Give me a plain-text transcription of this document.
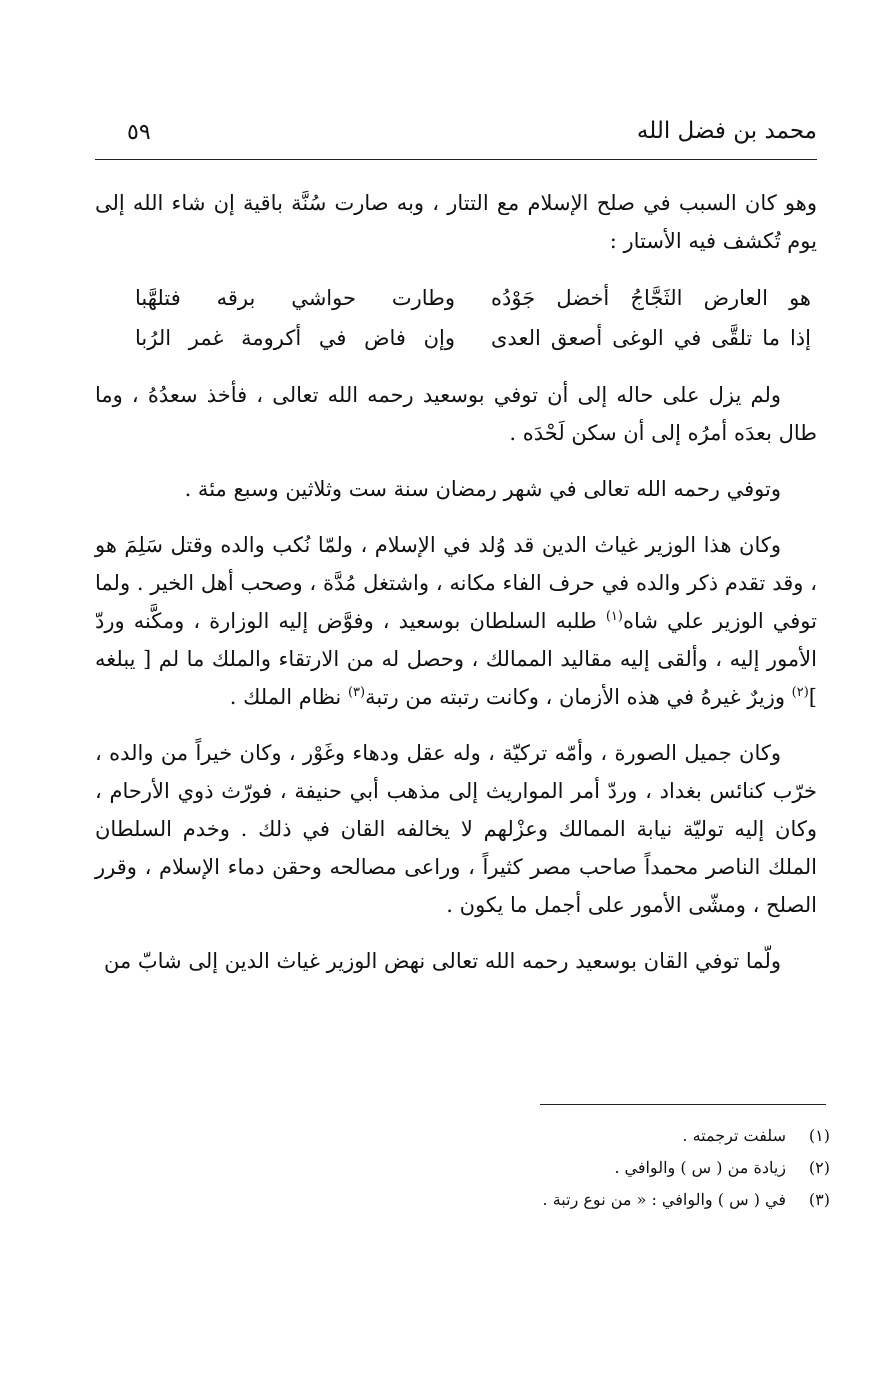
محمد بن فضل الله
٥٩

وهو كان السبب في صلح الإسلام مع التتار ، وبه صارت سُنَّة باقية إن شاء الله إلى يوم تُكشف فيه الأستار :

هو العارض الثَجَّاجُ أخضل جَوْدُه
وطارت حواشي برقه فتلهَّبا
إذا ما تلقَّى في الوغى أصعق العدى
وإن فاض في أكرومة غمر الرُبا

ولم يزل على حاله إلى أن توفي بوسعيد رحمه الله تعالى ، فأخذ سعدُهُ ، وما طال بعدَه أمرُه إلى أن سكن لَحْدَه .

وتوفي رحمه الله تعالى في شهر رمضان سنة ست وثلاثين وسبع مئة .

وكان هذا الوزير غياث الدين قد وُلد في الإسلام ، ولمّا نُكب والده وقتل سَلِمَ هو ، وقد تقدم ذكر والده في حرف الفاء مكانه ، واشتغل مُدَّة ، وصحب أهل الخير . ولما توفي الوزير علي شاه$^{(١)}$ طلبه السلطان بوسعيد ، وفوَّض إليه الوزارة ، ومكَّنه وردّ الأمور إليه ، وألقى إليه مقاليد الممالك ، وحصل له من الارتقاء والملك ما لم [ يبلغه ]$^{(٢)}$ وزيرٌ غيرهُ في هذه الأزمان ، وكانت رتبته من رتبة$^{(٣)}$ نظام الملك .

وكان جميل الصورة ، وأمّه تركيّة ، وله عقل ودهاء وغَوْر ، وكان خيراً من والده ، خرّب كنائس بغداد ، وردّ أمر المواريث إلى مذهب أبي حنيفة ، فورّث ذوي الأرحام ، وكان إليه توليّة نيابة الممالك وعزْلهم لا يخالفه القان في ذلك . وخدم السلطان الملك الناصر محمداً صاحب مصر كثيراً ، وراعى مصالحه وحقن دماء الإسلام ، وقرر الصلح ، ومشّى الأمور على أجمل ما يكون .

ولّما توفي القان بوسعيد رحمه الله تعالى نهض الوزير غياث الدين إلى شابّ من

(١)
سلفت ترجمته .
(٢)
زيادة من ( س ) والوافي .
(٣)
في ( س ) والوافي : « من نوع رتبة .
